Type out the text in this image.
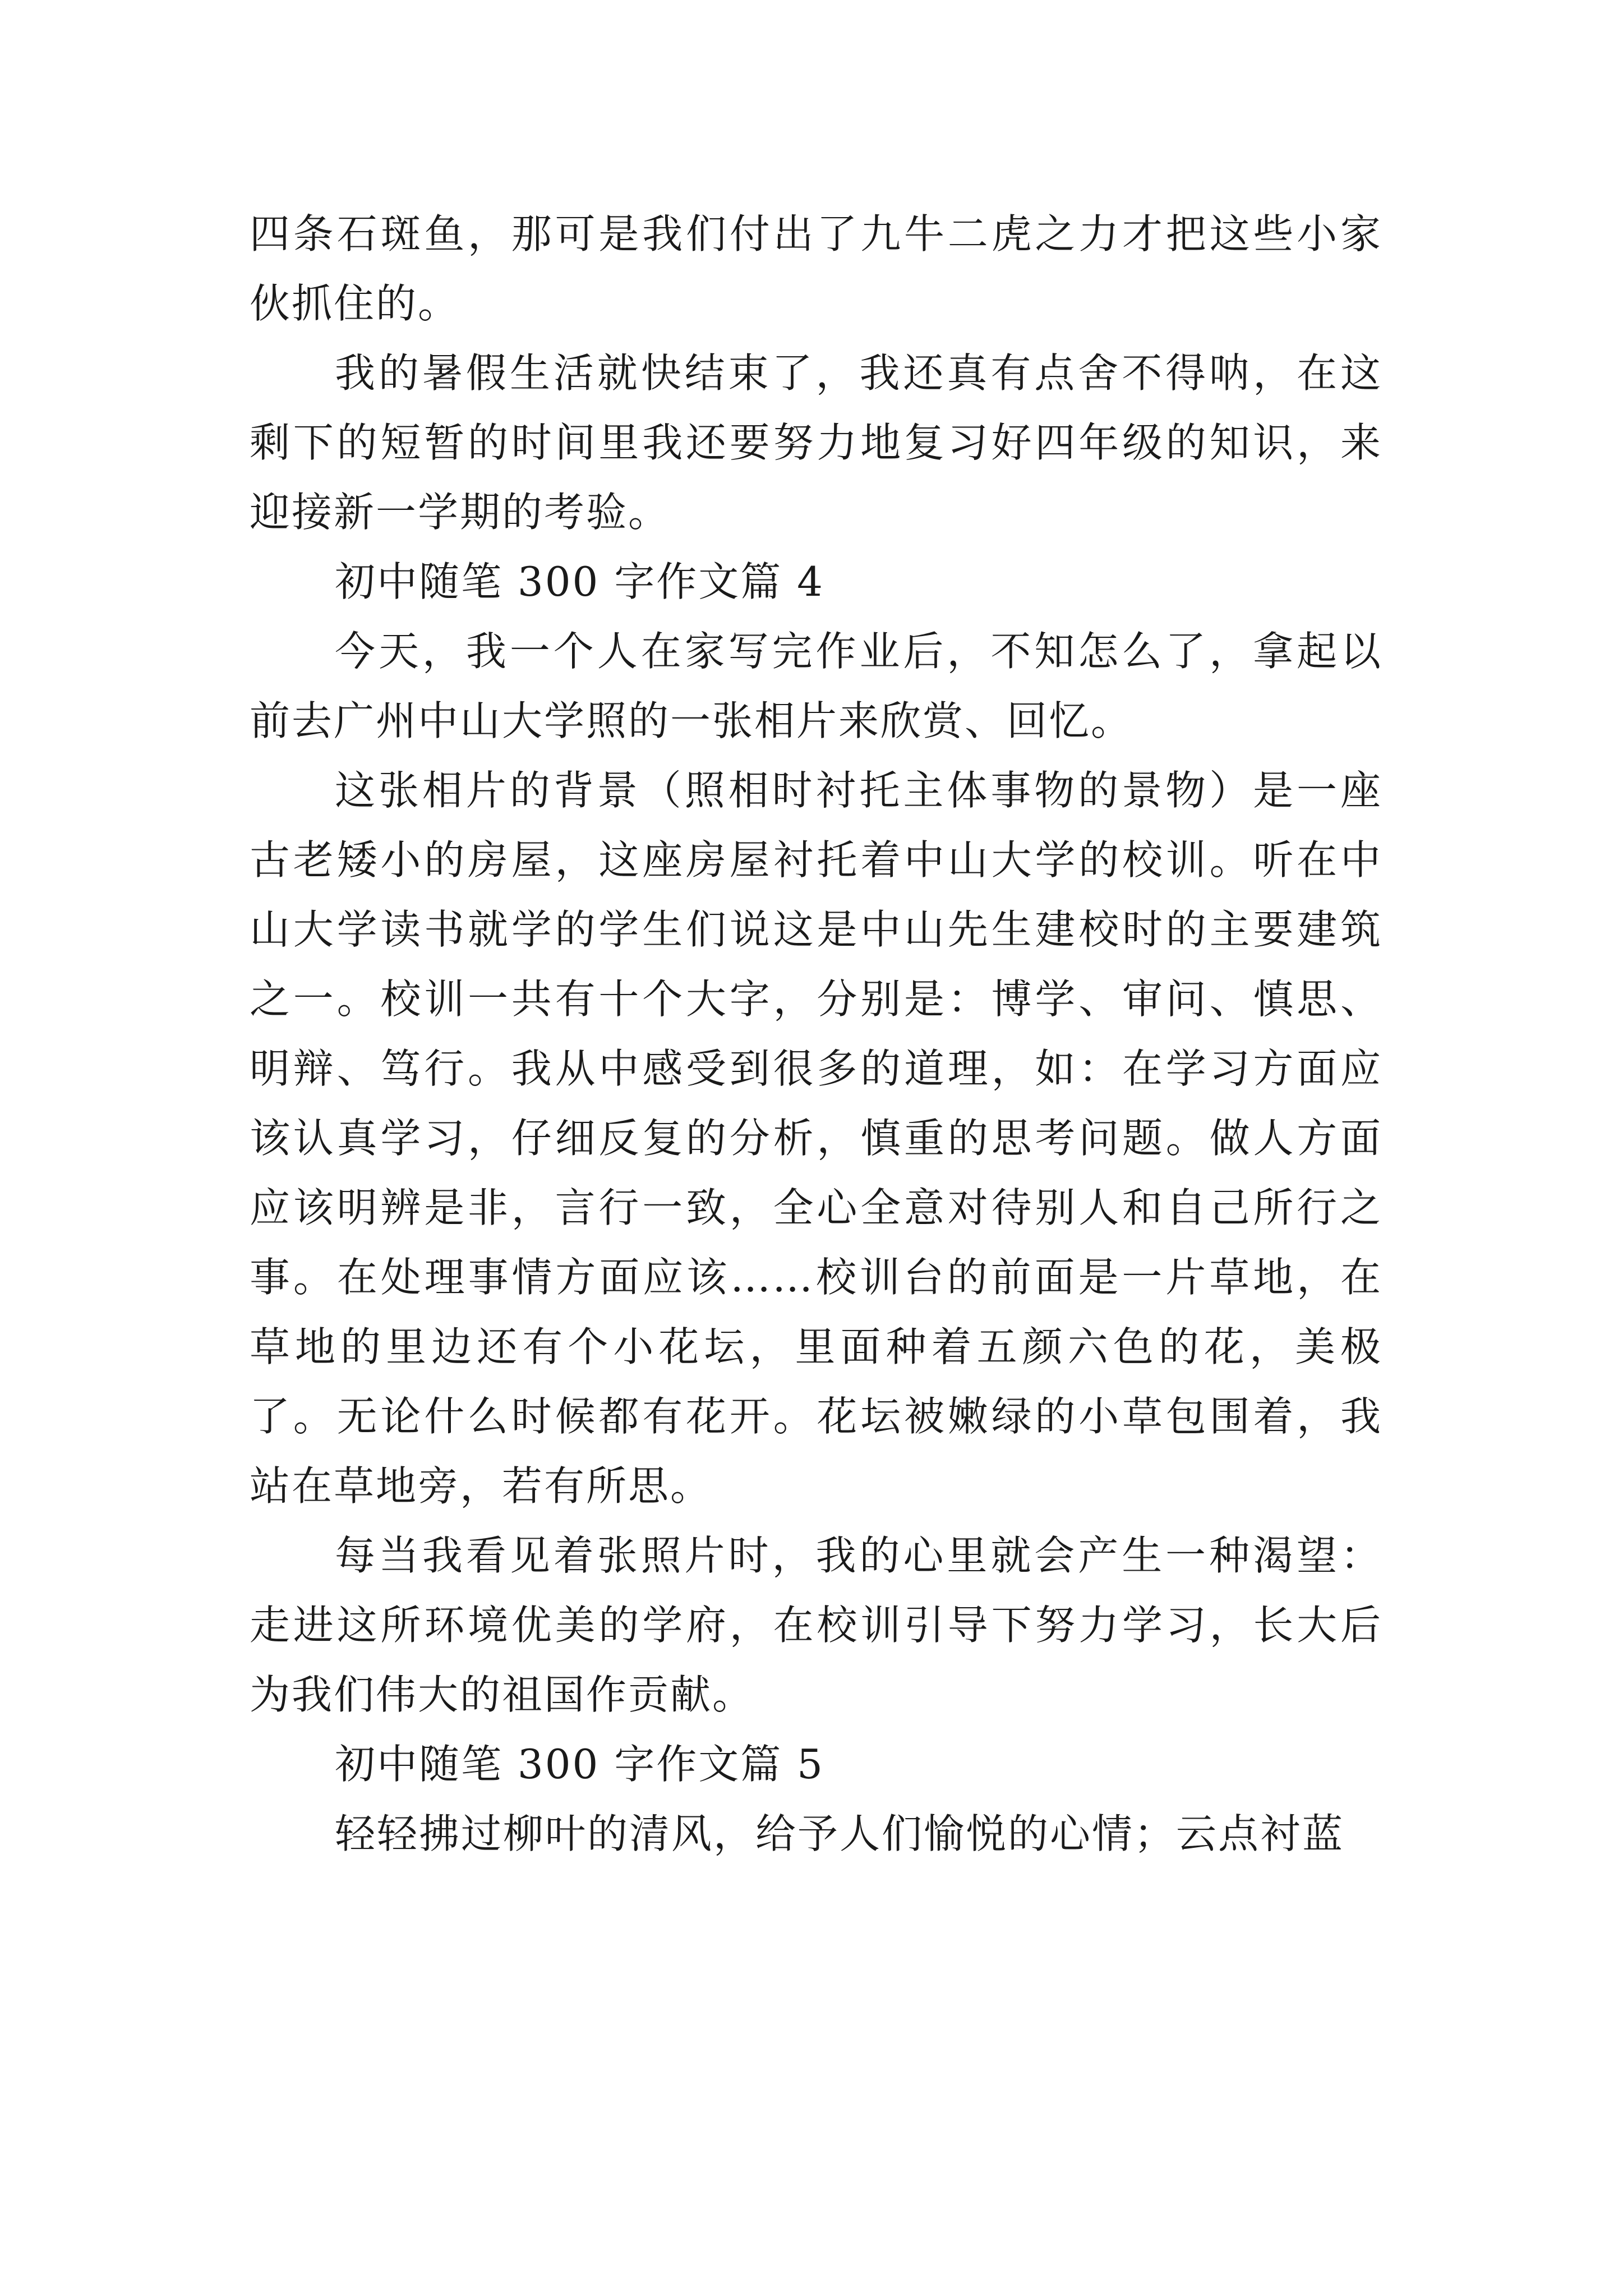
四条石斑鱼，那可是我们付出了九牛二虎之力才把这些小家伙抓住的。

我的暑假生活就快结束了，我还真有点舍不得呐，在这剩下的短暂的时间里我还要努力地复习好四年级的知识，来迎接新一学期的考验。

初中随笔 300 字作文篇 4

今天，我一个人在家写完作业后，不知怎么了，拿起以前去广州中山大学照的一张相片来欣赏、回忆。

这张相片的背景（照相时衬托主体事物的景物）是一座古老矮小的房屋，这座房屋衬托着中山大学的校训。听在中山大学读书就学的学生们说这是中山先生建校时的主要建筑之一。校训一共有十个大字，分别是：博学、审问、慎思、明辩、笃行。我从中感受到很多的道理，如：在学习方面应该认真学习，仔细反复的分析，慎重的思考问题。做人方面应该明辨是非，言行一致，全心全意对待别人和自己所行之事。在处理事情方面应该……校训台的前面是一片草地，在草地的里边还有个小花坛，里面种着五颜六色的花，美极了。无论什么时候都有花开。花坛被嫩绿的小草包围着，我站在草地旁，若有所思。

每当我看见着张照片时，我的心里就会产生一种渴望：走进这所环境优美的学府，在校训引导下努力学习，长大后为我们伟大的祖国作贡献。

初中随笔 300 字作文篇 5

轻轻拂过柳叶的清风，给予人们愉悦的心情；云点衬蓝
